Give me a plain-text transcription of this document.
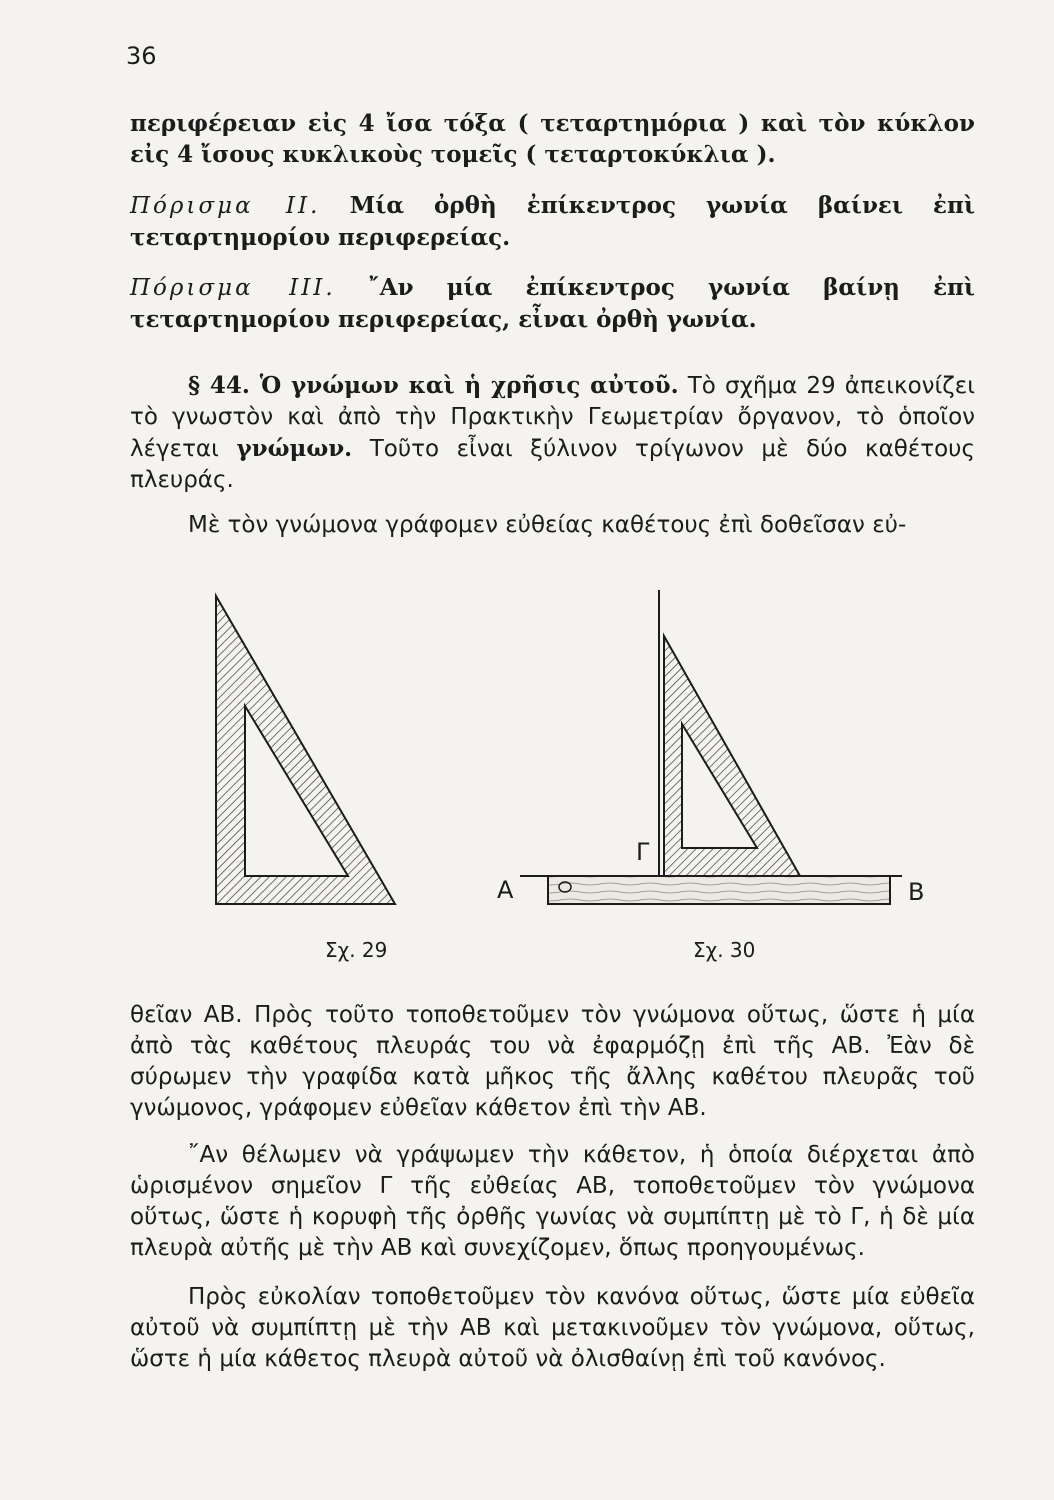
36

περιφέρειαν εἰς 4 ἴσα τόξα ( τεταρτημόρια ) καὶ τὸν κύκλον εἰς 4 ἴσους κυκλικοὺς τομεῖς ( τεταρτοκύκλια ).

Πόρισμα ΙΙ. Μία ὀρθὴ ἐπίκεντρος γωνία βαίνει ἐπὶ τεταρτημορίου περιφερείας.

Πόρισμα ΙΙΙ. ῎Αν μία ἐπίκεντρος γωνία βαίνῃ ἐπὶ τεταρτημορίου περιφερείας, εἶναι ὀρθὴ γωνία.

§ 44. Ὁ γνώμων καὶ ἡ χρῆσις αὐτοῦ. Τὸ σχῆμα 29 ἀπεικονίζει τὸ γνωστὸν καὶ ἀπὸ τὴν Πρακτικὴν Γεωμετρίαν ὄργανον, τὸ ὁποῖον λέγεται γνώμων. Τοῦτο εἶναι ξύλινον τρίγωνον μὲ δύο καθέτους πλευράς.

Μὲ τὸν γνώμονα γράφομεν εὐθείας καθέτους ἐπὶ δοθεῖσαν εὐ-

Α	Β
Γ
Σχ. 29	Σχ. 30

θεῖαν ΑΒ. Πρὸς τοῦτο τοποθετοῦμεν τὸν γνώμονα οὕτως, ὥστε ἡ μία ἀπὸ τὰς καθέτους πλευράς του νὰ ἐφαρμόζῃ ἐπὶ τῆς ΑΒ. Ἐὰν δὲ σύρωμεν τὴν γραφίδα κατὰ μῆκος τῆς ἄλλης καθέτου πλευρᾶς τοῦ γνώμονος, γράφομεν εὐθεῖαν κάθετον ἐπὶ τὴν ΑΒ.

῎Αν θέλωμεν νὰ γράψωμεν τὴν κάθετον, ἡ ὁποία διέρχεται ἀπὸ ὡρισμένον σημεῖον Γ τῆς εὐθείας ΑΒ, τοποθετοῦμεν τὸν γνώμονα οὕτως, ὥστε ἡ κορυφὴ τῆς ὀρθῆς γωνίας νὰ συμπίπτῃ μὲ τὸ Γ, ἡ δὲ μία πλευρὰ αὐτῆς μὲ τὴν ΑΒ καὶ συνεχίζομεν, ὅπως προηγουμένως.

Πρὸς εὐκολίαν τοποθετοῦμεν τὸν κανόνα οὕτως, ὥστε μία εὐθεῖα αὐτοῦ νὰ συμπίπτῃ μὲ τὴν ΑΒ καὶ μετακινοῦμεν τὸν γνώμονα, οὕτως, ὥστε ἡ μία κάθετος πλευρὰ αὐτοῦ νὰ ὀλισθαίνῃ ἐπὶ τοῦ κανόνος.
